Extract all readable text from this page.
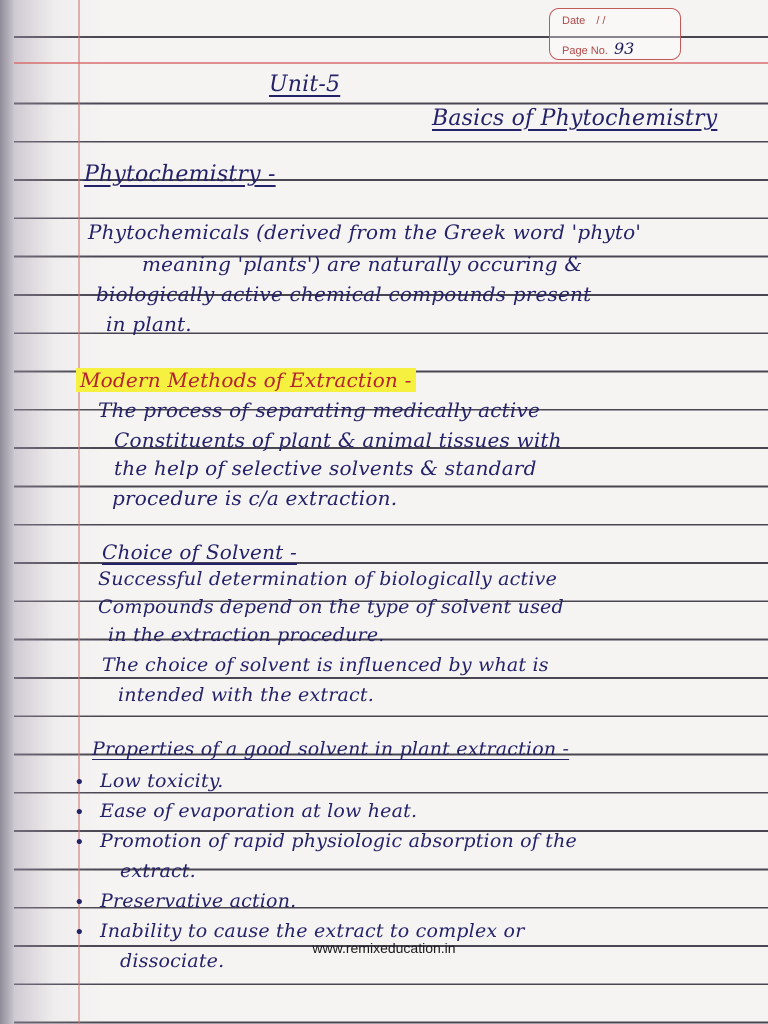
Date / /
Page No. 93
Unit-5
Basics of Phytochemistry
Phytochemistry -
Phytochemicals (derived from the Greek word 'phyto'
meaning 'plants') are naturally occuring &
biologically active chemical compounds present
in plant.
Modern Methods of Extraction -
The process of separating medically active
Constituents of plant & animal tissues with
the help of selective solvents & standard
procedure is c/a extraction.
Choice of Solvent -
Successful determination of biologically active
Compounds depend on the type of solvent used
in the extraction procedure.
The choice of solvent is influenced by what is
intended with the extract.
Properties of a good solvent in plant extraction -
• Low toxicity.
• Ease of evaporation at low heat.
• Promotion of rapid physiologic absorption of the
extract.
• Preservative action.
• Inability to cause the extract to complex or
dissociate.
www.remixeducation.in
